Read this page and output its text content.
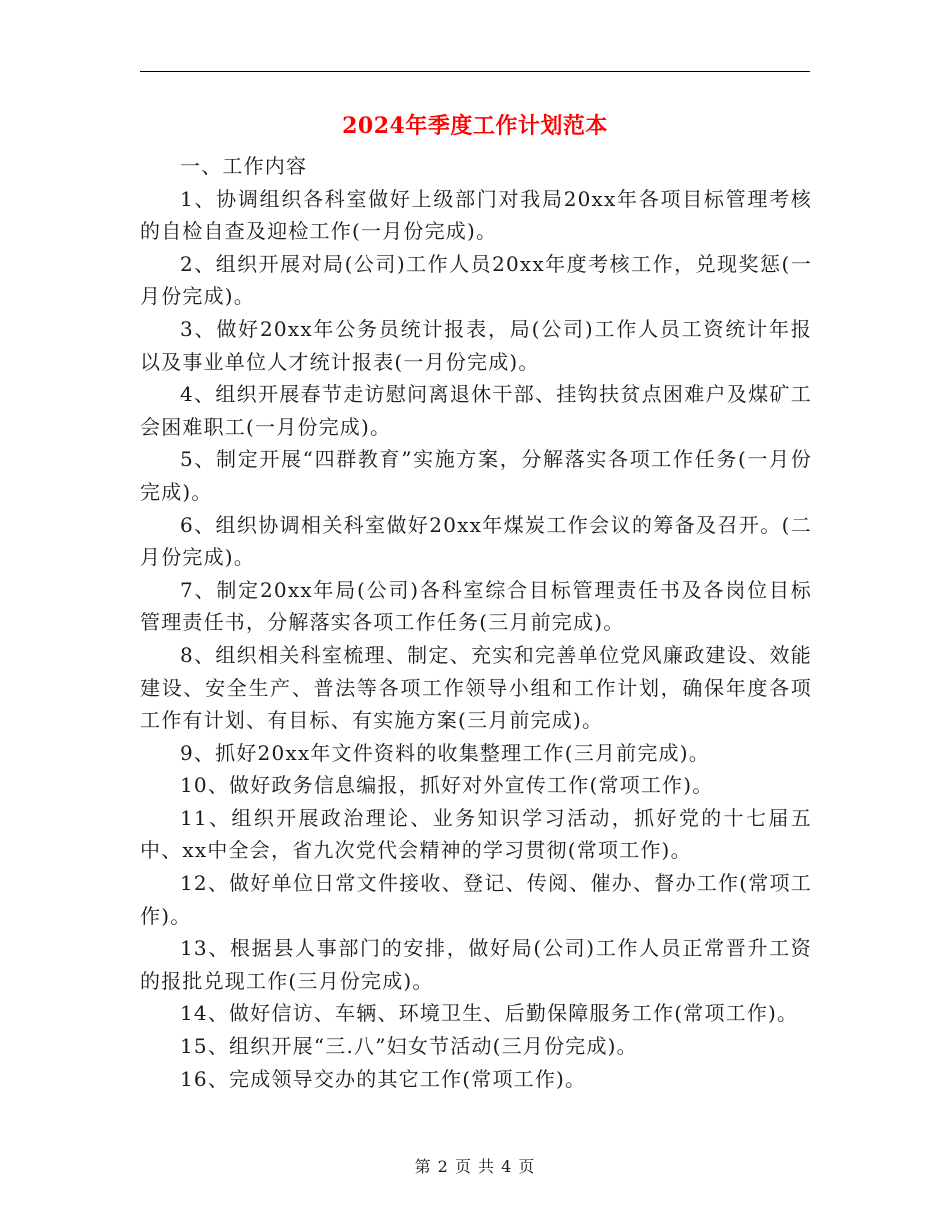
2024年季度工作计划范本

一、工作内容

1、协调组织各科室做好上级部门对我局20xx年各项目标管理考核的自检自查及迎检工作(一月份完成)。

2、组织开展对局(公司)工作人员20xx年度考核工作，兑现奖惩(一月份完成)。

3、做好20xx年公务员统计报表，局(公司)工作人员工资统计年报以及事业单位人才统计报表(一月份完成)。

4、组织开展春节走访慰问离退休干部、挂钩扶贫点困难户及煤矿工会困难职工(一月份完成)。

5、制定开展“四群教育”实施方案，分解落实各项工作任务(一月份完成)。

6、组织协调相关科室做好20xx年煤炭工作会议的筹备及召开。(二月份完成)。

7、制定20xx年局(公司)各科室综合目标管理责任书及各岗位目标管理责任书，分解落实各项工作任务(三月前完成)。

8、组织相关科室梳理、制定、充实和完善单位党风廉政建设、效能建设、安全生产、普法等各项工作领导小组和工作计划，确保年度各项工作有计划、有目标、有实施方案(三月前完成)。

9、抓好20xx年文件资料的收集整理工作(三月前完成)。

10、做好政务信息编报，抓好对外宣传工作(常项工作)。

11、组织开展政治理论、业务知识学习活动，抓好党的十七届五中、xx中全会，省九次党代会精神的学习贯彻(常项工作)。

12、做好单位日常文件接收、登记、传阅、催办、督办工作(常项工作)。

13、根据县人事部门的安排，做好局(公司)工作人员正常晋升工资的报批兑现工作(三月份完成)。

14、做好信访、车辆、环境卫生、后勤保障服务工作(常项工作)。

15、组织开展“三.八”妇女节活动(三月份完成)。

16、完成领导交办的其它工作(常项工作)。

第 2 页 共 4 页
